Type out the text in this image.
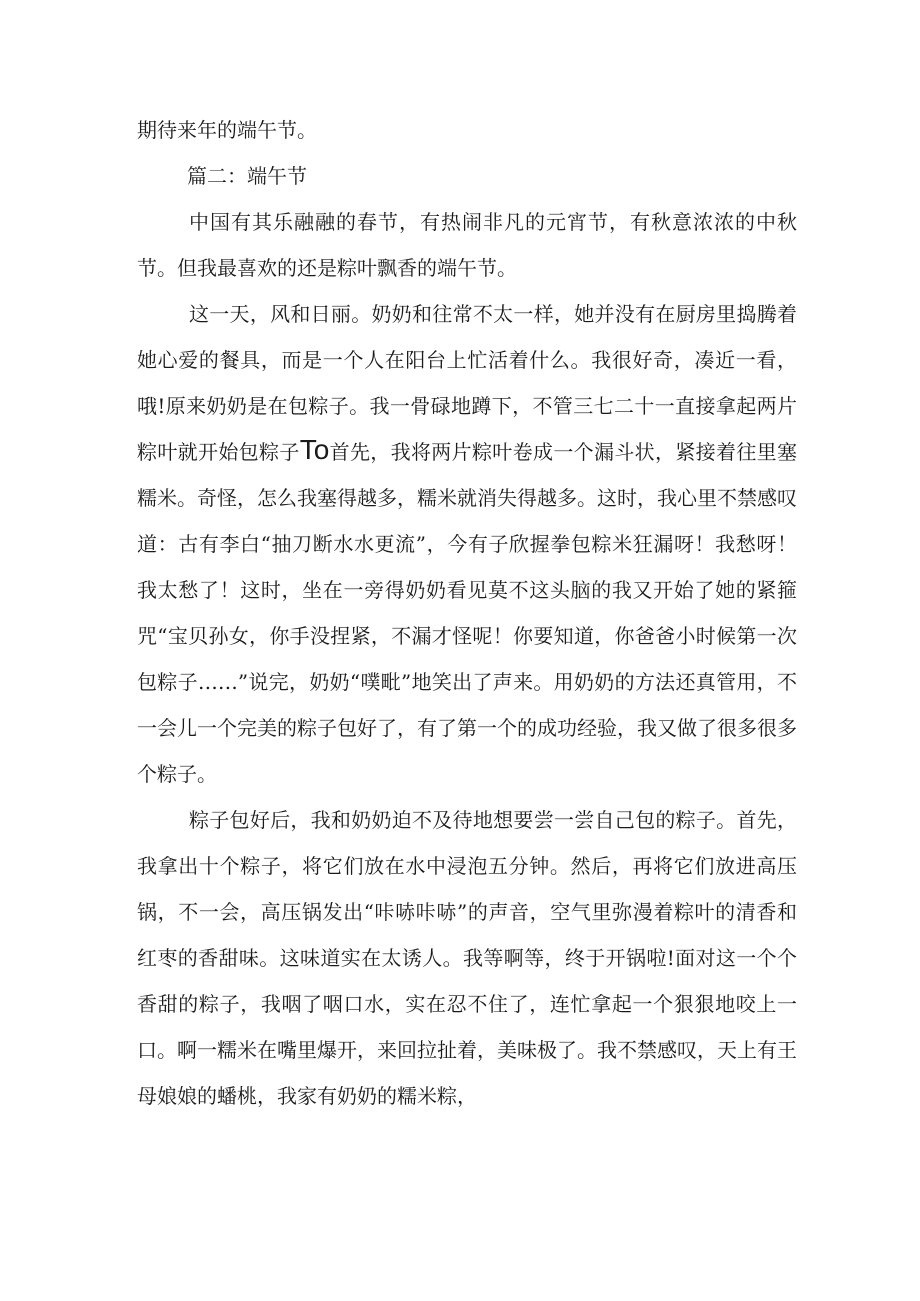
期待来年的端午节。

篇二：端午节

中国有其乐融融的春节，有热闹非凡的元宵节，有秋意浓浓的中秋节。但我最喜欢的还是粽叶飘香的端午节。

这一天，风和日丽。奶奶和往常不太一样，她并没有在厨房里捣腾着她心爱的餐具，而是一个人在阳台上忙活着什么。我很好奇，凑近一看，哦!原来奶奶是在包粽子。我一骨碌地蹲下，不管三七二十一直接拿起两片粽叶就开始包粽子To首先，我将两片粽叶卷成一个漏斗状，紧接着往里塞糯米。奇怪，怎么我塞得越多，糯米就消失得越多。这时，我心里不禁感叹道：古有李白“抽刀断水水更流”，今有子欣握拳包粽米狂漏呀！我愁呀！我太愁了！这时，坐在一旁得奶奶看见莫不这头脑的我又开始了她的紧箍咒“宝贝孙女，你手没捏紧，不漏才怪呢！你要知道，你爸爸小时候第一次包粽子……”说完，奶奶“噗毗”地笑出了声来。用奶奶的方法还真管用，不一会儿一个完美的粽子包好了，有了第一个的成功经验，我又做了很多很多个粽子。

粽子包好后，我和奶奶迫不及待地想要尝一尝自己包的粽子。首先，我拿出十个粽子，将它们放在水中浸泡五分钟。然后，再将它们放进高压锅，不一会，高压锅发出“咔哧咔哧”的声音，空气里弥漫着粽叶的清香和红枣的香甜味。这味道实在太诱人。我等啊等，终于开锅啦!面对这一个个香甜的粽子，我咽了咽口水，实在忍不住了，连忙拿起一个狠狠地咬上一口。啊一糯米在嘴里爆开，来回拉扯着，美味极了。我不禁感叹，天上有王母娘娘的蟠桃，我家有奶奶的糯米粽，
